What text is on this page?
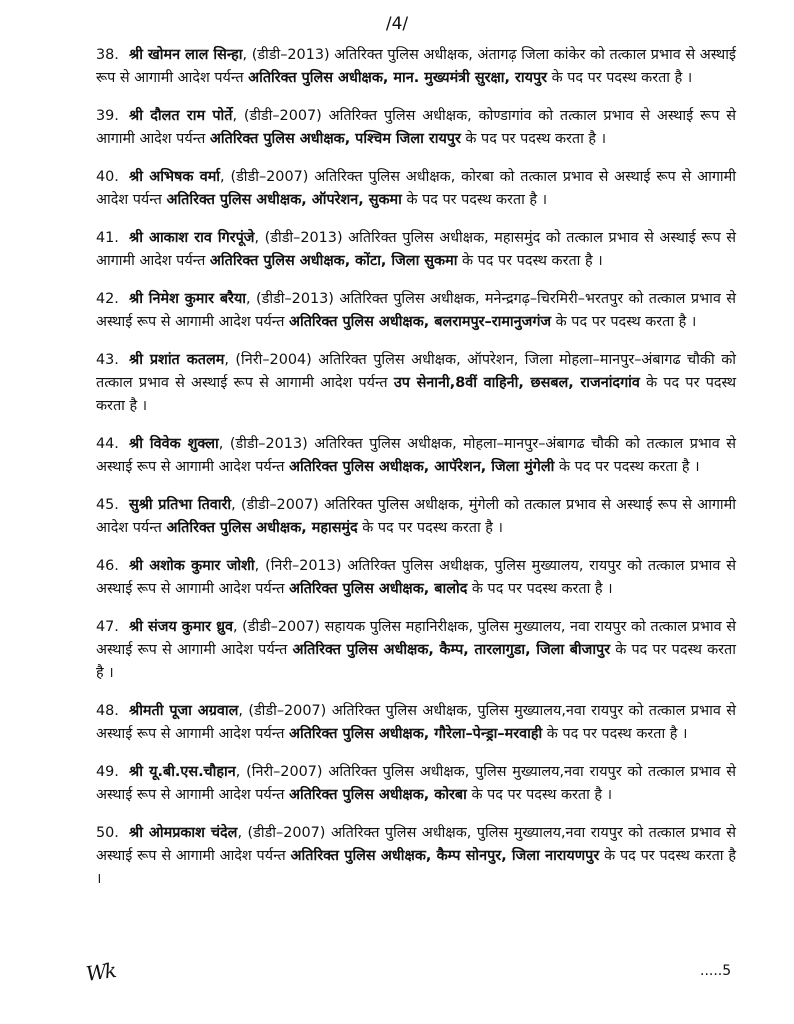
/4/

38. श्री खोमन लाल सिन्हा, (डीडी–2013) अतिरिक्त पुलिस अधीक्षक, अंतागढ़ जिला कांकेर को तत्काल प्रभाव से अस्थाई रूप से आगामी आदेश पर्यन्त अतिरिक्त पुलिस अधीक्षक, मान. मुख्यमंत्री सुरक्षा, रायपुर के पद पर पदस्थ करता है ।

39. श्री दौलत राम पोर्ते, (डीडी–2007) अतिरिक्त पुलिस अधीक्षक, कोण्डागांव को तत्काल प्रभाव से अस्थाई रूप से आगामी आदेश पर्यन्त अतिरिक्त पुलिस अधीक्षक, पश्चिम जिला रायपुर के पद पर पदस्थ करता है ।

40. श्री अभिषक वर्मा, (डीडी–2007) अतिरिक्त पुलिस अधीक्षक, कोरबा को तत्काल प्रभाव से अस्थाई रूप से आगामी आदेश पर्यन्त अतिरिक्त पुलिस अधीक्षक, ऑपरेशन, सुकमा के पद पर पदस्थ करता है ।

41. श्री आकाश राव गिरपूंजे, (डीडी–2013) अतिरिक्त पुलिस अधीक्षक, महासमुंद को तत्काल प्रभाव से अस्थाई रूप से आगामी आदेश पर्यन्त अतिरिक्त पुलिस अधीक्षक, कोंटा, जिला सुकमा के पद पर पदस्थ करता है ।

42. श्री निमेश कुमार बरैया, (डीडी–2013) अतिरिक्त पुलिस अधीक्षक, मनेन्द्रगढ़–चिरमिरी–भरतपुर को तत्काल प्रभाव से अस्थाई रूप से आगामी आदेश पर्यन्त अतिरिक्त पुलिस अधीक्षक, बलरामपुर–रामानुजगंज के पद पर पदस्थ करता है ।

43. श्री प्रशांत कतलम, (निरी–2004) अतिरिक्त पुलिस अधीक्षक, ऑपरेशन, जिला मोहला–मानपुर–अंबागढ चौकी को तत्काल प्रभाव से अस्थाई रूप से आगामी आदेश पर्यन्त उप सेनानी,8वीं वाहिनी, छसबल, राजनांदगांव के पद पर पदस्थ करता है ।

44. श्री विवेक शुक्ला, (डीडी–2013) अतिरिक्त पुलिस अधीक्षक, मोहला–मानपुर–अंबागढ चौकी को तत्काल प्रभाव से अस्थाई रूप से आगामी आदेश पर्यन्त अतिरिक्त पुलिस अधीक्षक, आपॅरेशन, जिला मुंगेली के पद पर पदस्थ करता है ।

45. सुश्री प्रतिभा तिवारी, (डीडी–2007) अतिरिक्त पुलिस अधीक्षक, मुंगेली को तत्काल प्रभाव से अस्थाई रूप से आगामी आदेश पर्यन्त अतिरिक्त पुलिस अधीक्षक, महासमुंद के पद पर पदस्थ करता है ।

46. श्री अशोक कुमार जोशी, (निरी–2013) अतिरिक्त पुलिस अधीक्षक, पुलिस मुख्यालय, रायपुर को तत्काल प्रभाव से अस्थाई रूप से आगामी आदेश पर्यन्त अतिरिक्त पुलिस अधीक्षक, बालोद के पद पर पदस्थ करता है ।

47. श्री संजय कुमार ध्रुव, (डीडी–2007) सहायक पुलिस महानिरीक्षक, पुलिस मुख्यालय, नवा रायपुर को तत्काल प्रभाव से अस्थाई रूप से आगामी आदेश पर्यन्त अतिरिक्त पुलिस अधीक्षक, कैम्प, तारलागुडा, जिला बीजापुर के पद पर पदस्थ करता है ।

48. श्रीमती पूजा अग्रवाल, (डीडी–2007) अतिरिक्त पुलिस अधीक्षक, पुलिस मुख्यालय,नवा रायपुर को तत्काल प्रभाव से अस्थाई रूप से आगामी आदेश पर्यन्त अतिरिक्त पुलिस अधीक्षक, गौरेला–पेन्ड्रा–मरवाही के पद पर पदस्थ करता है ।

49. श्री यू.बी.एस.चौहान, (निरी–2007) अतिरिक्त पुलिस अधीक्षक, पुलिस मुख्यालय,नवा रायपुर को तत्काल प्रभाव से अस्थाई रूप से आगामी आदेश पर्यन्त अतिरिक्त पुलिस अधीक्षक, कोरबा के पद पर पदस्थ करता है ।

50. श्री ओमप्रकाश चंदेल, (डीडी–2007) अतिरिक्त पुलिस अधीक्षक, पुलिस मुख्यालय,नवा रायपुर को तत्काल प्रभाव से अस्थाई रूप से आगामी आदेश पर्यन्त अतिरिक्त पुलिस अधीक्षक, कैम्प सोनपुर, जिला नारायणपुर के पद पर पदस्थ करता है ।

Wk	.....5
